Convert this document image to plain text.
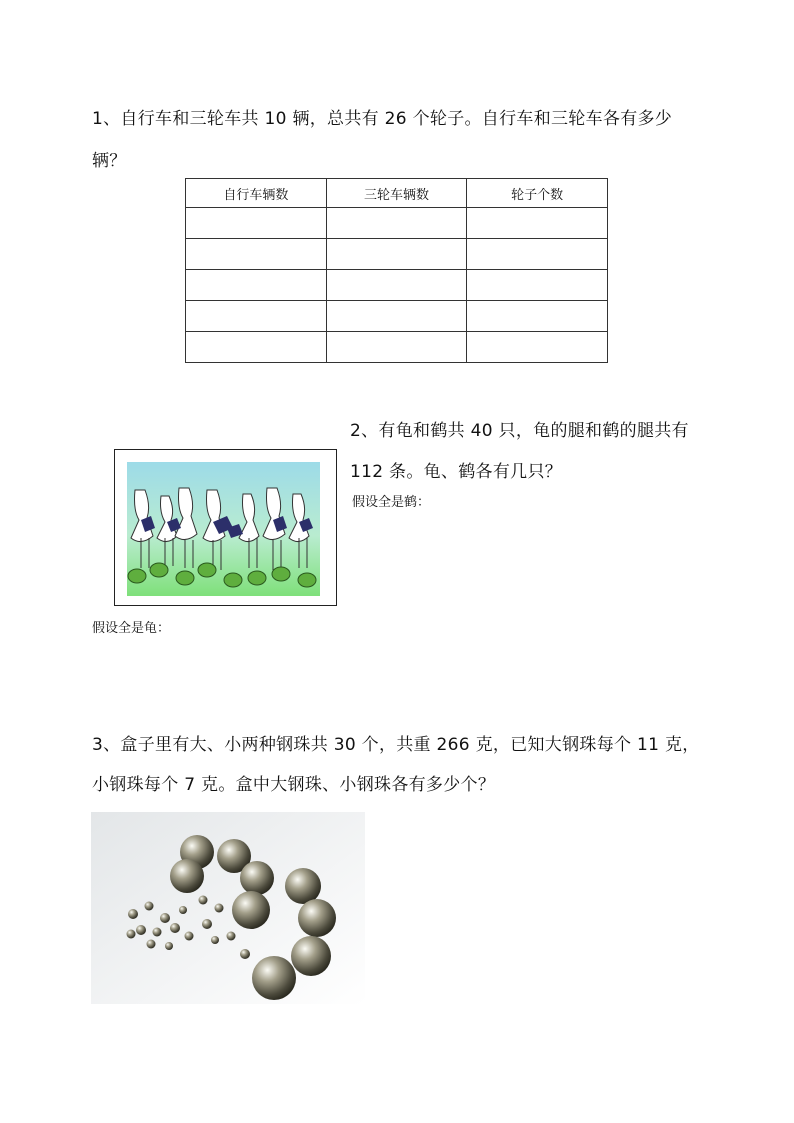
1、自行车和三轮车共 10 辆，总共有 26 个轮子。自行车和三轮车各有多少
辆？
自行车辆数	三轮车辆数	轮子个数

2、有龟和鹤共 40 只，龟的腿和鹤的腿共有
112 条。龟、鹤各有几只？
假设全是鹤：
假设全是龟：
3、盒子里有大、小两种钢珠共 30 个，共重 266 克，已知大钢珠每个 11 克，
小钢珠每个 7 克。盒中大钢珠、小钢珠各有多少个？
